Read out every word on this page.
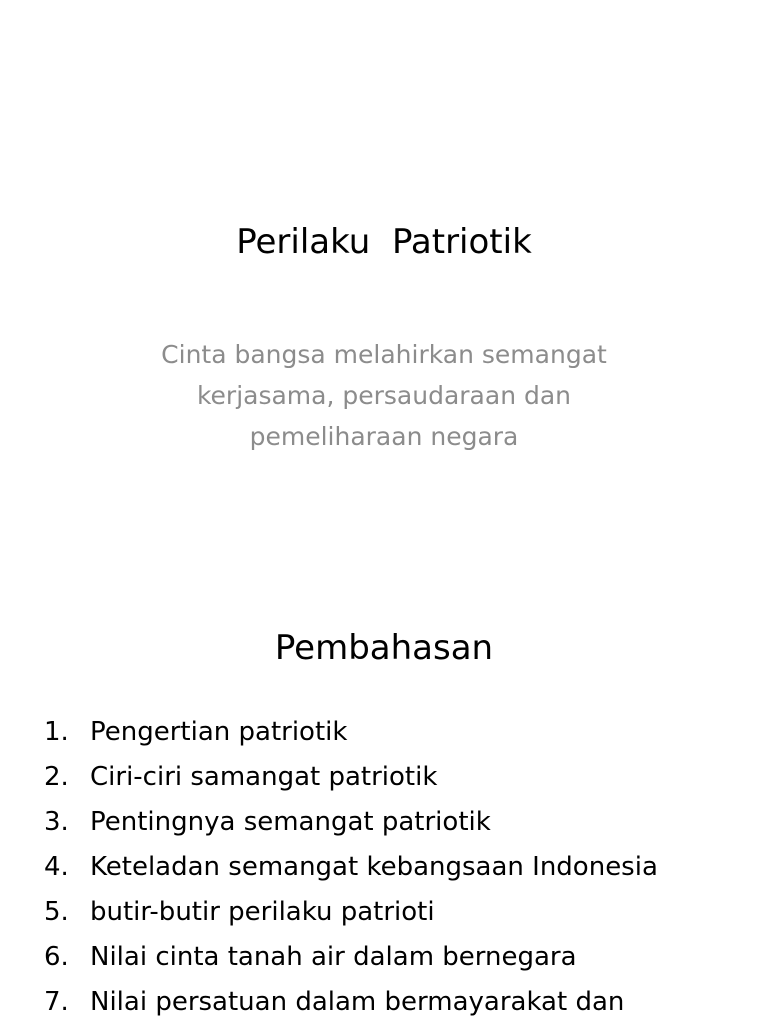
Perilaku  Patriotik

Cinta bangsa melahirkan semangat
kerjasama, persaudaraan dan
pemeliharaan negara

Pembahasan
1. Pengertian patriotik
2. Ciri-ciri samangat patriotik
3. Pentingnya semangat patriotik
4. Keteladan semangat kebangsaan Indonesia
5. butir-butir perilaku patrioti
6. Nilai cinta tanah air dalam bernegara
7. Nilai persatuan dalam bermayarakat dan
